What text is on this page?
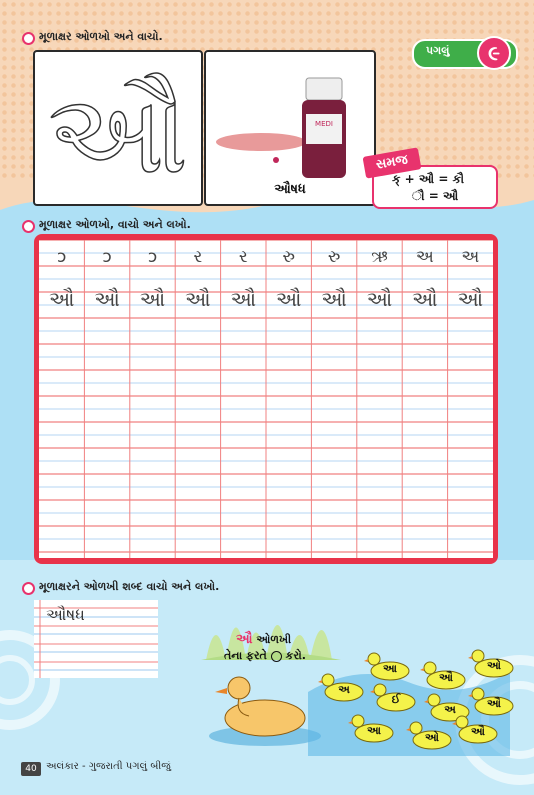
મૂળાક્ષર ઓળખો અને વાચો.
પગલું	૯
ઔ	MEDI
ઔષધ
સમજ
ક્ + ઔ = કૌ
ૌ = ઔ
મૂળાક્ષર ઓળખો, વાચો અને લખો.
ɔ ɔ ɔ ર ર રુ રુ ઋ અ અ
ઔ ઔ ઔ ઔ ઔ ઔ ઔ ઔ ઔ ઔ
મૂળાક્ષરને ઓળખી શબ્દ વાચો અને લખો.
ઔષધ
ઔ ઓળખી
તેના ફરતે કરો.
આ
ઔ
ઓ
અ
ઈ
અ	ઔ
આ
ઓ	ઔ
40 અલંકાર - ગુજરાતી પગલું બીજું
